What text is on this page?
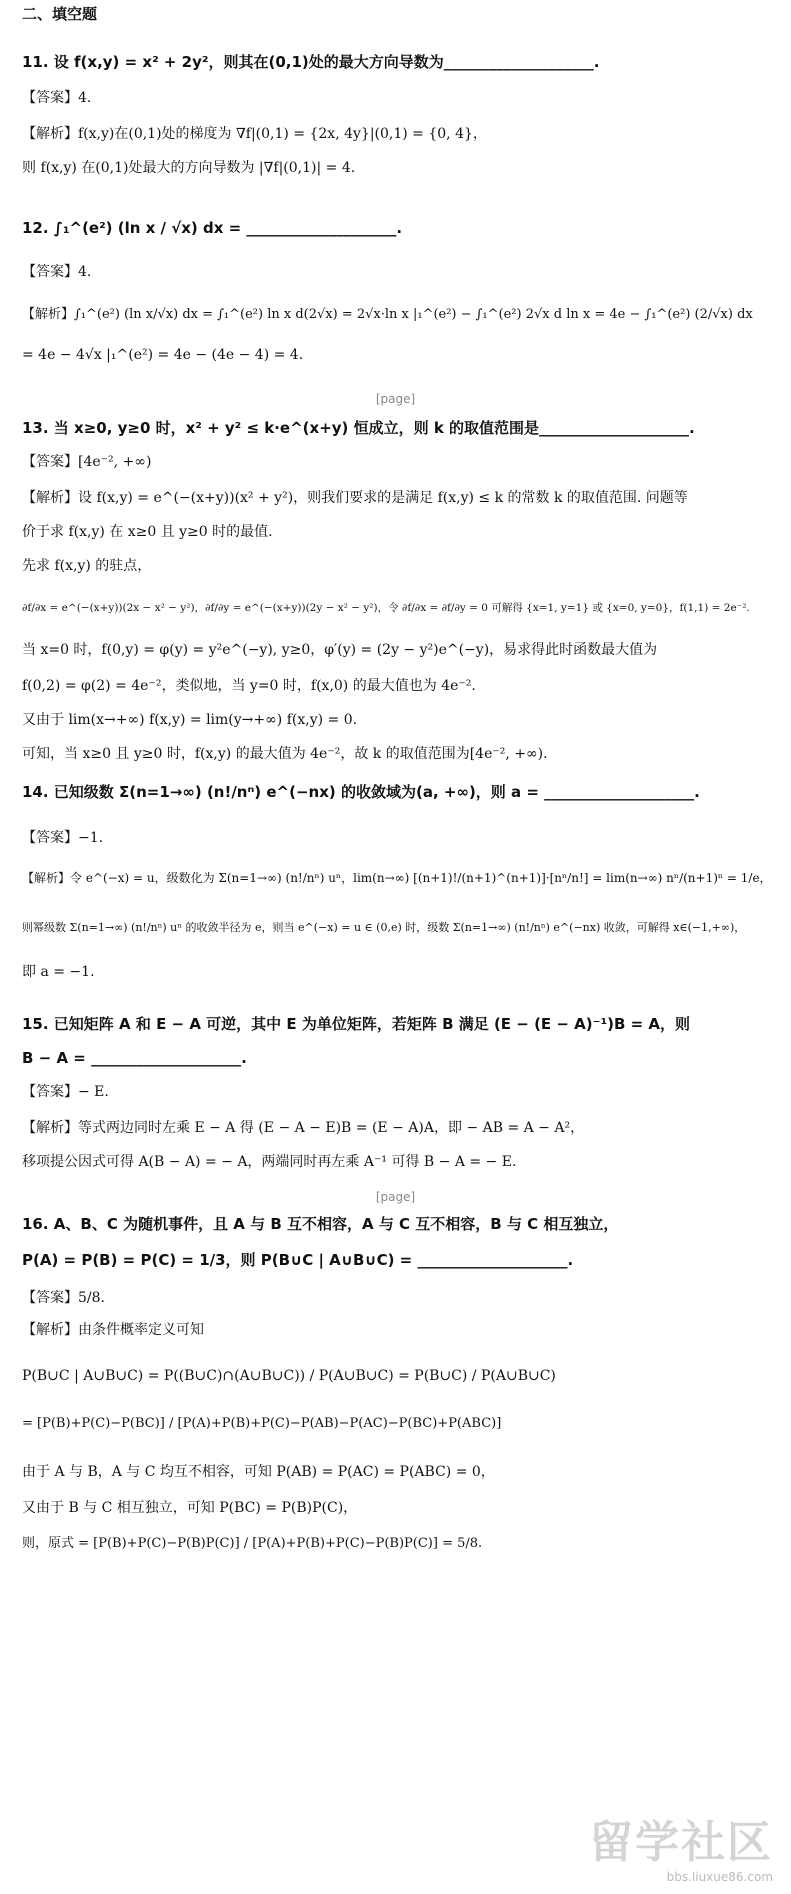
二、填空题
11. 设 f(x,y) = x² + 2y²，则其在(0,1)处的最大方向导数为____________________.
【答案】4.
【解析】f(x,y)在(0,1)处的梯度为 ∇f|(0,1) = {2x, 4y}|(0,1) = {0, 4}，
则 f(x,y) 在(0,1)处最大的方向导数为 |∇f|(0,1)| = 4.
12. ∫₁^(e²) (ln x / √x) dx = ____________________.
【答案】4.
【解析】∫₁^(e²) (ln x/√x) dx = ∫₁^(e²) ln x d(2√x) = 2√x·ln x |₁^(e²) − ∫₁^(e²) 2√x d ln x = 4e − ∫₁^(e²) (2/√x) dx
= 4e − 4√x |₁^(e²) = 4e − (4e − 4) = 4.
[page]
13. 当 x≥0, y≥0 时，x² + y² ≤ k·e^(x+y) 恒成立，则 k 的取值范围是____________________.
【答案】[4e⁻², +∞)
【解析】设 f(x,y) = e^(−(x+y))(x² + y²)，则我们要求的是满足 f(x,y) ≤ k 的常数 k 的取值范围. 问题等
价于求 f(x,y) 在 x≥0 且 y≥0 时的最值.
先求 f(x,y) 的驻点，
∂f/∂x = e^(−(x+y))(2x − x² − y²)，∂f/∂y = e^(−(x+y))(2y − x² − y²)，令 ∂f/∂x = ∂f/∂y = 0 可解得 {x=1, y=1} 或 {x=0, y=0}，f(1,1) = 2e⁻².
当 x=0 时，f(0,y) = φ(y) = y²e^(−y), y≥0，φ′(y) = (2y − y²)e^(−y)，易求得此时函数最大值为
f(0,2) = φ(2) = 4e⁻²，类似地，当 y=0 时，f(x,0) 的最大值也为 4e⁻².
又由于 lim(x→+∞) f(x,y) = lim(y→+∞) f(x,y) = 0.
可知，当 x≥0 且 y≥0 时，f(x,y) 的最大值为 4e⁻²，故 k 的取值范围为[4e⁻², +∞).
14. 已知级数 Σ(n=1→∞) (n!/nⁿ) e^(−nx) 的收敛域为(a, +∞)，则 a = ____________________.
【答案】−1.
【解析】令 e^(−x) = u，级数化为 Σ(n=1→∞) (n!/nⁿ) uⁿ，lim(n→∞) [(n+1)!/(n+1)^(n+1)]·[nⁿ/n!] = lim(n→∞) nⁿ/(n+1)ⁿ = 1/e，
则幂级数 Σ(n=1→∞) (n!/nⁿ) uⁿ 的收敛半径为 e，则当 e^(−x) = u ∈ (0,e) 时，级数 Σ(n=1→∞) (n!/nⁿ) e^(−nx) 收敛，可解得 x∈(−1,+∞)，
即 a = −1.
15. 已知矩阵 A 和 E − A 可逆，其中 E 为单位矩阵，若矩阵 B 满足 (E − (E − A)⁻¹)B = A，则
B − A = ____________________.
【答案】− E.
【解析】等式两边同时左乘 E − A 得 (E − A − E)B = (E − A)A，即 − AB = A − A²，
移项提公因式可得 A(B − A) = − A，两端同时再左乘 A⁻¹ 可得 B − A = − E.
[page]
16. A、B、C 为随机事件，且 A 与 B 互不相容，A 与 C 互不相容，B 与 C 相互独立，
P(A) = P(B) = P(C) = 1/3，则 P(B∪C | A∪B∪C) = ____________________.
【答案】5/8.
【解析】由条件概率定义可知
P(B∪C | A∪B∪C) = P((B∪C)∩(A∪B∪C)) / P(A∪B∪C) = P(B∪C) / P(A∪B∪C)
= [P(B)+P(C)−P(BC)] / [P(A)+P(B)+P(C)−P(AB)−P(AC)−P(BC)+P(ABC)]
由于 A 与 B，A 与 C 均互不相容，可知 P(AB) = P(AC) = P(ABC) = 0，
又由于 B 与 C 相互独立，可知 P(BC) = P(B)P(C)，
则，原式 = [P(B)+P(C)−P(B)P(C)] / [P(A)+P(B)+P(C)−P(B)P(C)] = 5/8.
留学社区
bbs.liuxue86.com
